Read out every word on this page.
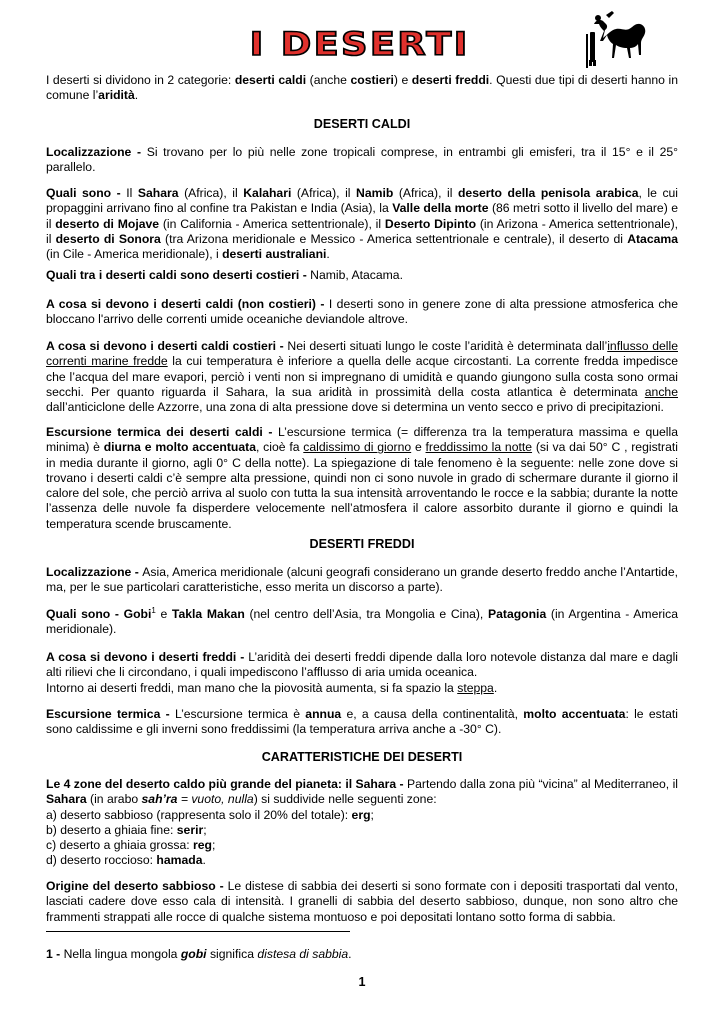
I DESERTI

I deserti si dividono in 2 categorie: deserti caldi (anche costieri) e deserti freddi. Questi due tipi di deserti hanno in comune l’aridità.

DESERTI CALDI

Localizzazione - Si trovano per lo più nelle zone tropicali comprese, in entrambi gli emisferi, tra il 15° e il 25° parallelo.

Quali sono - Il Sahara (Africa), il Kalahari (Africa), il Namib (Africa), il deserto della penisola arabica, le cui propaggini arrivano fino al confine tra Pakistan e India (Asia), la Valle della morte (86 metri sotto il livello del mare) e il deserto di Mojave (in California - America settentrionale), il Deserto Dipinto (in Arizona - America settentrionale), il deserto di Sonora (tra Arizona meridionale e Messico - America settentrionale e centrale), il deserto di Atacama (in Cile - America meridionale), i deserti australiani.

Quali tra i deserti caldi sono deserti costieri - Namib, Atacama.

A cosa si devono i deserti caldi (non costieri) - I deserti sono in genere zone di alta pressione atmosferica che bloccano l'arrivo delle correnti umide oceaniche deviandole altrove.

A cosa si devono i deserti caldi costieri - Nei deserti situati lungo le coste l’aridità è determinata dall’influsso delle correnti marine fredde la cui temperatura è inferiore a quella delle acque circostanti. La corrente fredda impedisce che l’acqua del mare evapori, perciò i venti non si impregnano di umidità e quando giungono sulla costa sono ormai secchi. Per quanto riguarda il Sahara, la sua aridità in prossimità della costa atlantica è determinata anche dall’anticiclone delle Azzorre, una zona di alta pressione dove si determina un vento secco e privo di precipitazioni.

Escursione termica dei deserti caldi - L’escursione termica (= differenza tra la temperatura massima e quella minima) è diurna e molto accentuata, cioè fa caldissimo di giorno e freddissimo la notte (si va dai 50° C , registrati in media durante il giorno, agli 0° C della notte). La spiegazione di tale fenomeno è la seguente: nelle zone dove si trovano i deserti caldi c’è sempre alta pressione, quindi non ci sono nuvole in grado di schermare durante il giorno il calore del sole, che perciò arriva al suolo con tutta la sua intensità arroventando le rocce e la sabbia; durante la notte l’assenza delle nuvole fa disperdere velocemente nell’atmosfera il calore assorbito durante il giorno e quindi la temperatura scende bruscamente.

DESERTI FREDDI

Localizzazione - Asia, America meridionale (alcuni geografi considerano un grande deserto freddo anche l’Antartide, ma, per le sue particolari caratteristiche, esso merita un discorso a parte).

Quali sono - Gobi$^1$ e Takla Makan (nel centro dell’Asia, tra Mongolia e Cina), Patagonia (in Argentina - America meridionale).

A cosa si devono i deserti freddi - L’aridità dei deserti freddi dipende dalla loro notevole distanza dal mare e dagli alti rilievi che li circondano, i quali impediscono l’afflusso di aria umida oceanica.
Intorno ai deserti freddi, man mano che la piovosità aumenta, si fa spazio la steppa.

Escursione termica - L’escursione termica è annua e, a causa della continentalità, molto accentuata: le estati sono caldissime e gli inverni sono freddissimi (la temperatura arriva anche a -30° C).

CARATTERISTICHE DEI DESERTI

Le 4 zone del deserto caldo più grande del pianeta: il Sahara - Partendo dalla zona più “vicina” al Mediterraneo, il Sahara (in arabo sah’ra = vuoto, nulla) si suddivide nelle seguenti zone:
a) deserto sabbioso (rappresenta solo il 20% del totale): erg;
b) deserto a ghiaia fine: serir;
c) deserto a ghiaia grossa: reg;
d) deserto roccioso: hamada.

Origine del deserto sabbioso - Le distese di sabbia dei deserti si sono formate con i depositi trasportati dal vento, lasciati cadere dove esso cala di intensità. I granelli di sabbia del deserto sabbioso, dunque, non sono altro che frammenti strappati alle rocce di qualche sistema montuoso e poi depositati lontano sotto forma di sabbia.

1 - Nella lingua mongola gobi significa distesa di sabbia.

1
